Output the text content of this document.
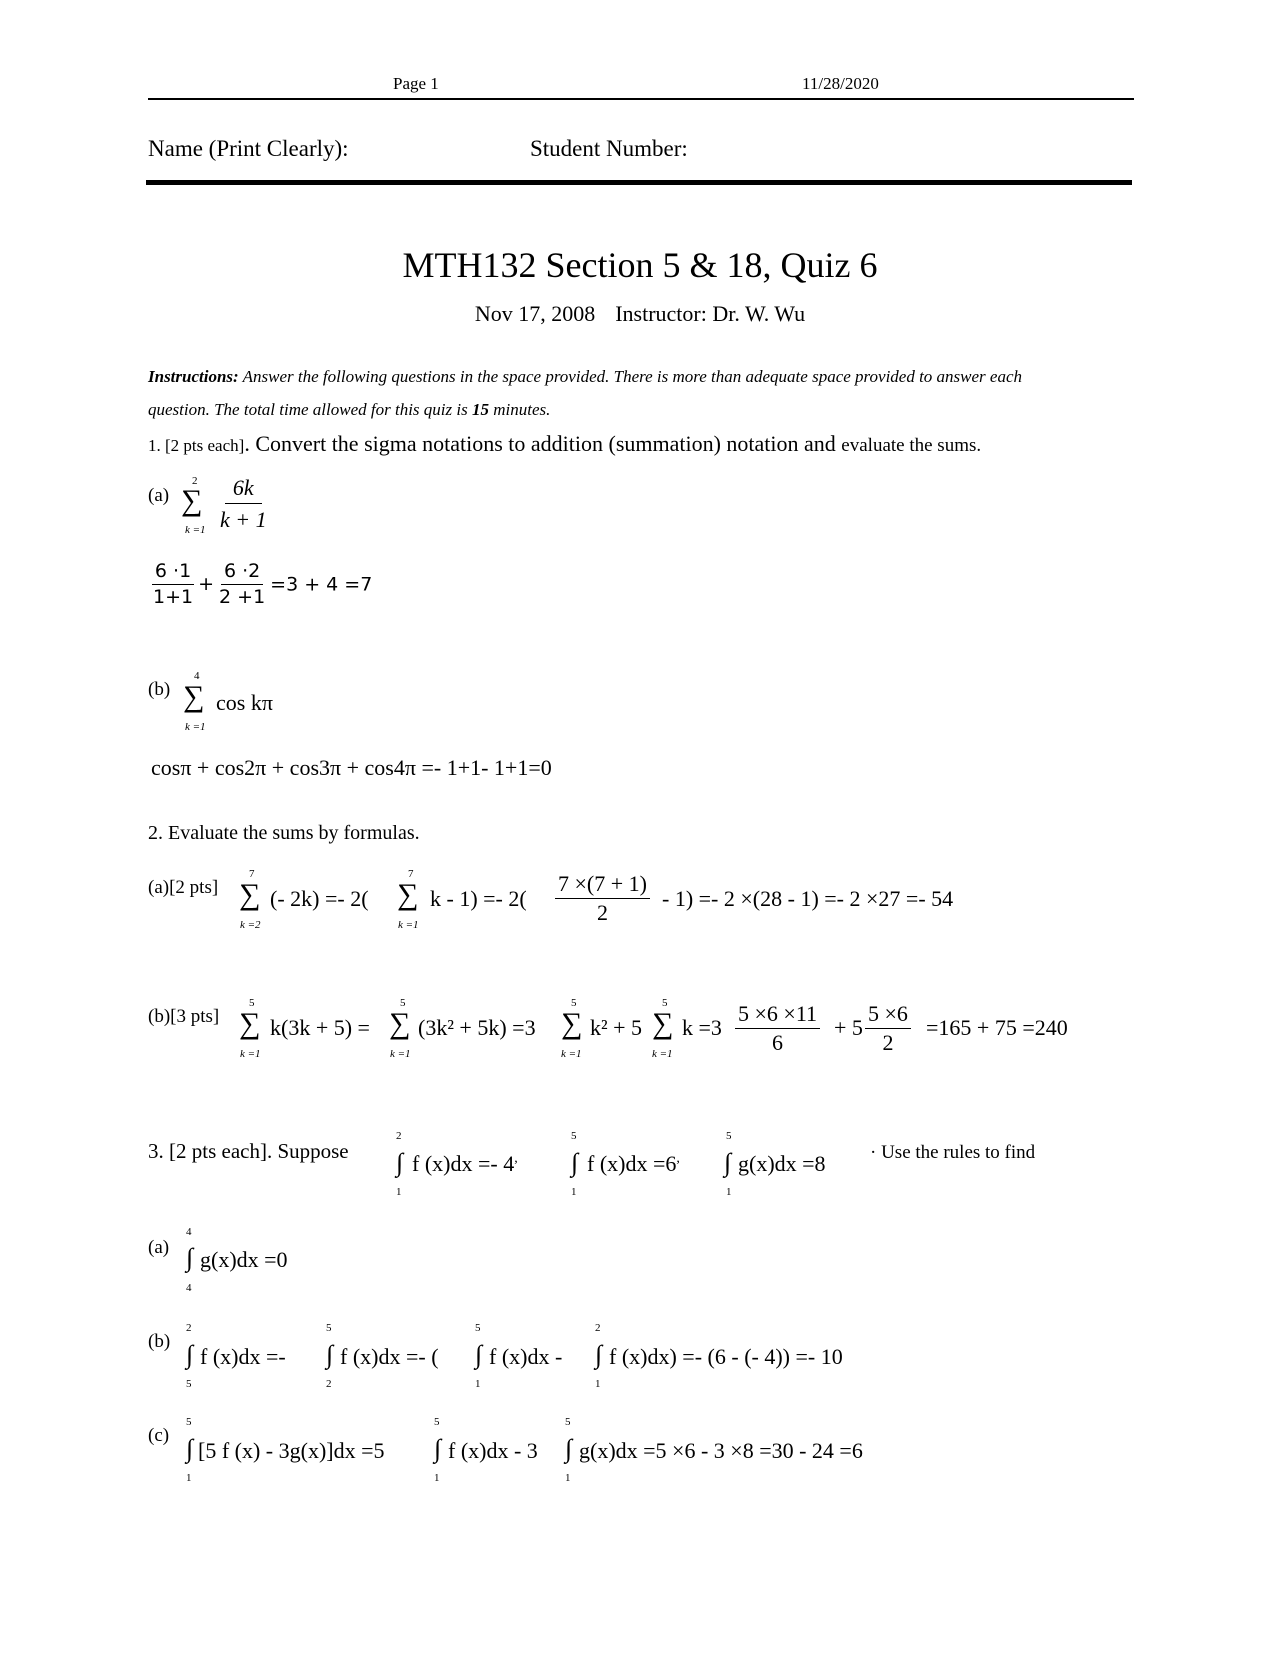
Page 1	11/28/2020
Name (Print Clearly):	Student Number:
MTH132 Section 5 & 18, Quiz 6
Nov 17, 2008 Instructor: Dr. W. Wu
Instructions: Answer the following questions in the space provided. There is more than adequate space provided to answer each
question. The total time allowed for this quiz is 15 minutes.
1. [2 pts each]. Convert the sigma notations to addition (summation) notation and evaluate the sums.
(a)
2
∑
$k =1 \frac{6k}{k + 1}$
$\frac{6 \cdot 1}{1+1} + \frac{6 \cdot 2}{2 +1} =3 + 4 =7$
(b)
4
∑
k =1
cos kπ
cosπ + cos2π + cos3π + cos4π =- 1+1- 1+1=0
2. Evaluate the sums by formulas.
(a)[2 pts]
7
∑
k =2
(- 2k) =- 2(
7
∑
k =1
$k - 1) =- 2( \frac{7 \times(7 + 1)}{2} - 1) =- 2 \times(28 - 1) =- 2 \times 27 =- 54$
(b)[3 pts]
5
∑
k =1
k(3k + 5) =
5
∑
k =1
(3k² + 5k) =3
5
∑
k =1
k² + 5
5
∑
k =1
$k =3 \frac{5 \times 6 \times 11}{6} + 5 \frac{5 \times 6}{2} =165 + 75 =240$
3. [2 pts each]. Suppose
2
∫
1
f (x)dx =- 4,
5
∫
1
f (x)dx =6,
5
∫
1
g(x)dx =8 · Use the rules to find
(a)
4
∫
4
g(x)dx =0
(b)
2
∫
5
f (x)dx =-
5
∫
2
f (x)dx =- (
5
∫
1
f (x)dx -
2
∫
1
f (x)dx) =- (6 - (- 4)) =- 10
(c)
5
∫
1
[5 f (x) - 3g(x)]dx =5
5
∫
1
f (x)dx - 3
5
∫
1
g(x)dx =5 ×6 - 3 ×8 =30 - 24 =6
